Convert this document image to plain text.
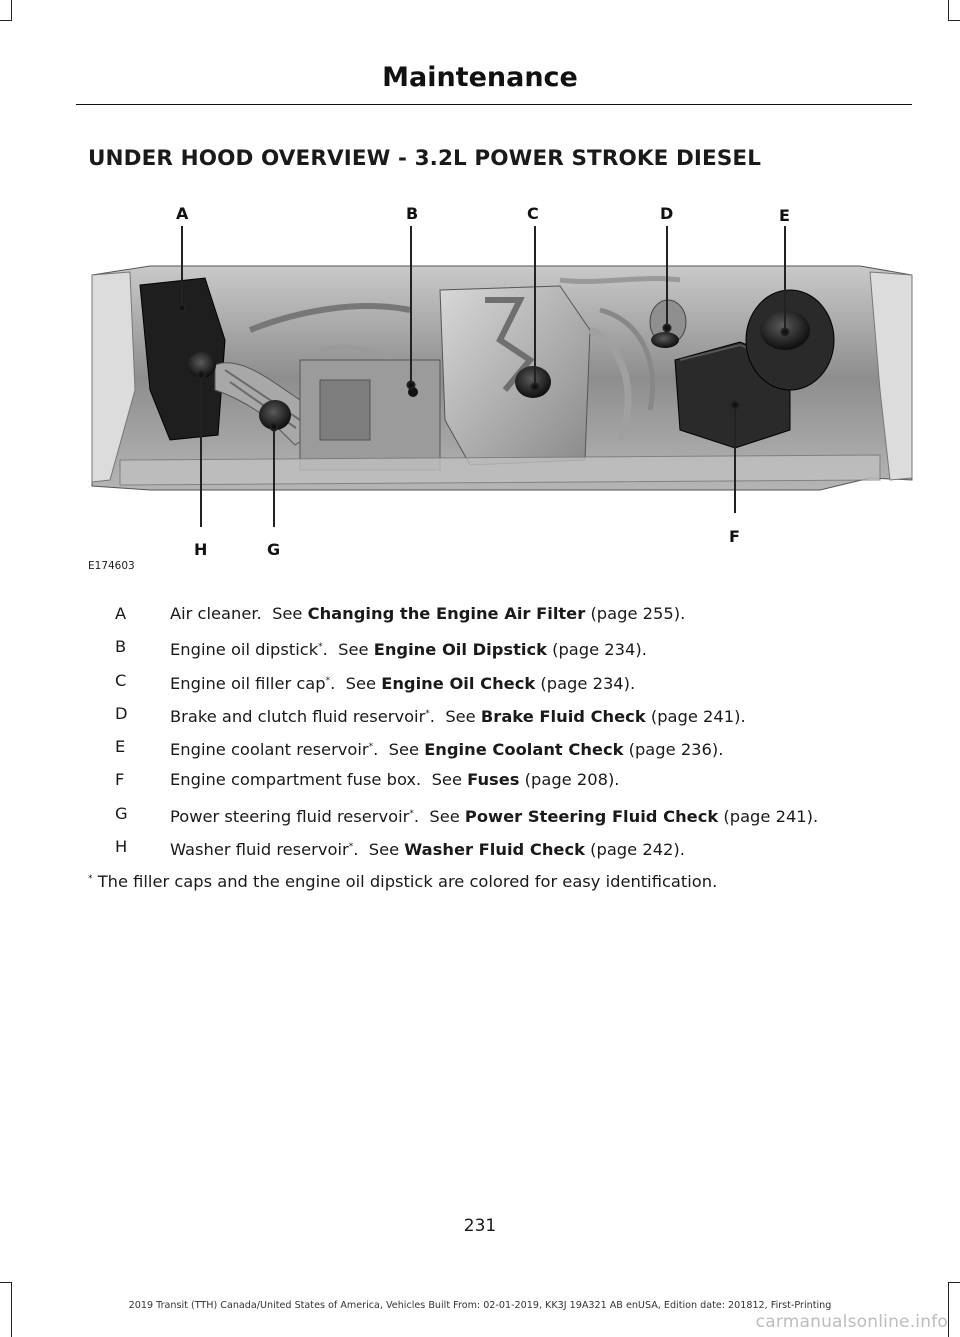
Maintenance
UNDER HOOD OVERVIEW - 3.2L POWER STROKE DIESEL
A	B	C	D	E
F
G
H
E174603
A	Air cleaner. See Changing the Engine Air Filter (page 255).
B	Engine oil dipstick*.  See Engine Oil Dipstick (page 234).
C	Engine oil filler cap*.  See Engine Oil Check (page 234).
D	Brake and clutch fluid reservoir*.  See Brake Fluid Check (page 241).
E	Engine coolant reservoir*.  See Engine Coolant Check (page 236).
F	Engine compartment fuse box. See Fuses (page 208).
G	Power steering fluid reservoir*.  See Power Steering Fluid Check (page 241).
H	Washer fluid reservoir*.  See Washer Fluid Check (page 242).
* The filler caps and the engine oil dipstick are colored for easy identification.
231
2019 Transit (TTH) Canada/United States of America, Vehicles Built From: 02-01-2019, KK3J 19A321 AB enUSA, Edition date: 201812, First-Printing
carmanualsonline.info
